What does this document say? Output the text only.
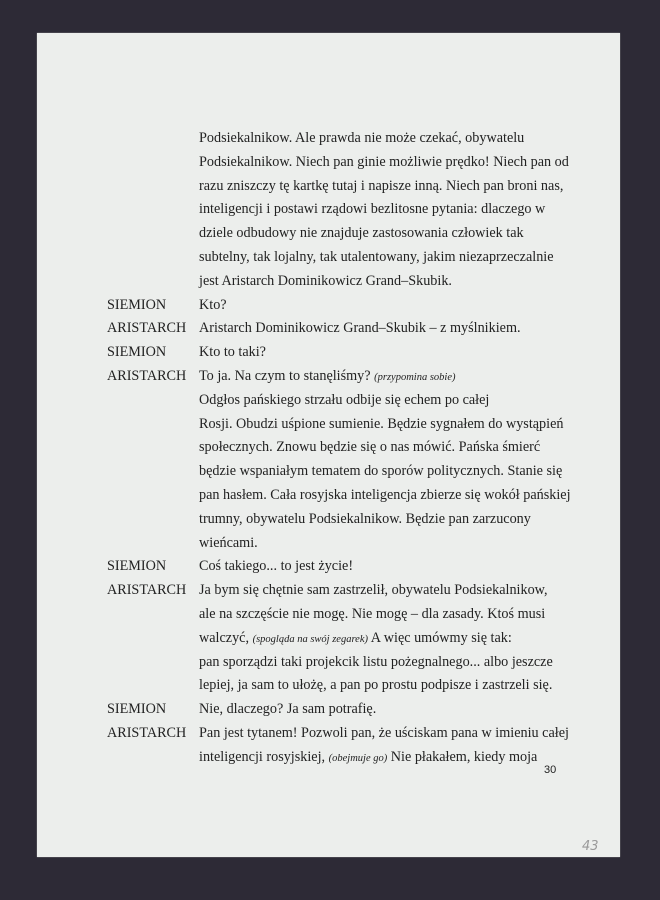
Podsiekalnikow. Ale prawda nie może czekać, obywatelu
Podsiekalnikow. Niech pan ginie możliwie prędko! Niech pan od
razu zniszczy tę kartkę tutaj i napisze inną. Niech pan broni nas,
inteligencji i postawi rządowi bezlitosne pytania: dlaczego w
dziele odbudowy nie znajduje zastosowania człowiek tak
subtelny, tak lojalny, tak utalentowany, jakim niezaprzeczalnie
jest Aristarch Dominikowicz Grand–Skubik.
SIEMION Kto?
ARISTARCH Aristarch Dominikowicz Grand–Skubik – z myślnikiem.
SIEMION Kto to taki?
ARISTARCH To ja. Na czym to stanęliśmy? (przypomina sobie)
Odgłos pańskiego strzału odbije się echem po całej
Rosji. Obudzi uśpione sumienie. Będzie sygnałem do wystąpień
społecznych. Znowu będzie się o nas mówić. Pańska śmierć
będzie wspaniałym tematem do sporów politycznych. Stanie się
pan hasłem. Cała rosyjska inteligencja zbierze się wokół pańskiej
trumny, obywatelu Podsiekalnikow. Będzie pan zarzucony
wieńcami.
SIEMION Coś takiego... to jest życie!
ARISTARCH Ja bym się chętnie sam zastrzelił, obywatelu Podsiekalnikow,
ale na szczęście nie mogę. Nie mogę – dla zasady. Ktoś musi
walczyć, (spogląda na swój zegarek) A więc umówmy się tak:
pan sporządzi taki projekcik listu pożegnalnego... albo jeszcze
lepiej, ja sam to ułożę, a pan po prostu podpisze i zastrzeli się.
SIEMION Nie, dlaczego? Ja sam potrafię.
ARISTARCH Pan jest tytanem! Pozwoli pan, że uściskam pana w imieniu całej
inteligencji rosyjskiej, (obejmuje go) Nie płakałem, kiedy moja
30
43
